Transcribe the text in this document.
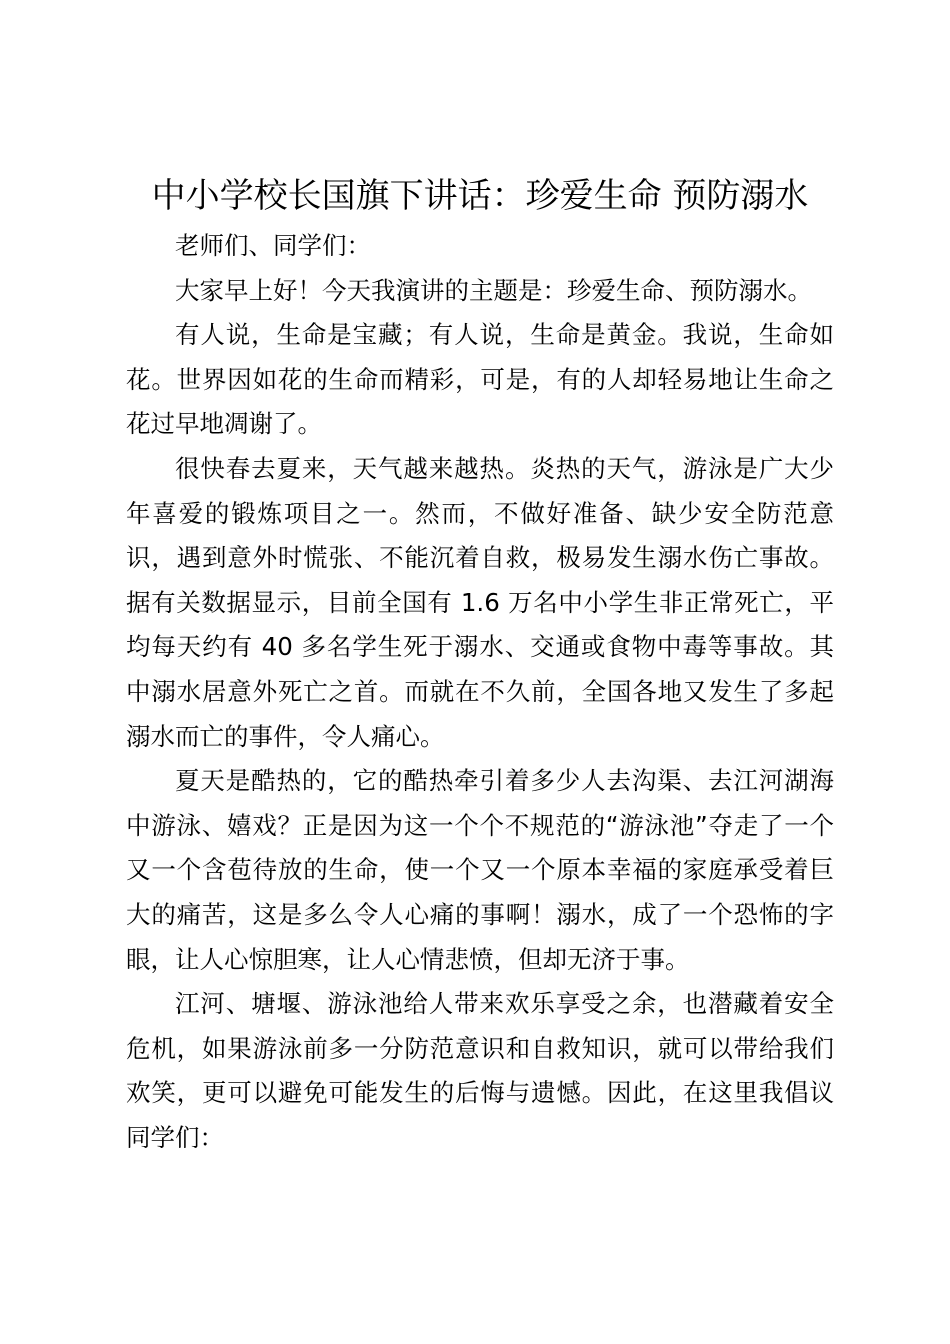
中小学校长国旗下讲话：珍爱生命 预防溺水

老师们、同学们：

大家早上好！今天我演讲的主题是：珍爱生命、预防溺水。

有人说，生命是宝藏；有人说，生命是黄金。我说，生命如花。世界因如花的生命而精彩，可是，有的人却轻易地让生命之花过早地凋谢了。

很快春去夏来，天气越来越热。炎热的天气，游泳是广大少年喜爱的锻炼项目之一。然而，不做好准备、缺少安全防范意识，遇到意外时慌张、不能沉着自救，极易发生溺水伤亡事故。据有关数据显示，目前全国有 1.6 万名中小学生非正常死亡，平均每天约有 40 多名学生死于溺水、交通或食物中毒等事故。其中溺水居意外死亡之首。而就在不久前，全国各地又发生了多起溺水而亡的事件，令人痛心。

夏天是酷热的，它的酷热牵引着多少人去沟渠、去江河湖海中游泳、嬉戏？正是因为这一个个不规范的“游泳池”夺走了一个又一个含苞待放的生命，使一个又一个原本幸福的家庭承受着巨大的痛苦，这是多么令人心痛的事啊！溺水，成了一个恐怖的字眼，让人心惊胆寒，让人心情悲愤，但却无济于事。

江河、塘堰、游泳池给人带来欢乐享受之余，也潜藏着安全危机，如果游泳前多一分防范意识和自救知识，就可以带给我们欢笑，更可以避免可能发生的后悔与遗憾。因此，在这里我倡议同学们：
